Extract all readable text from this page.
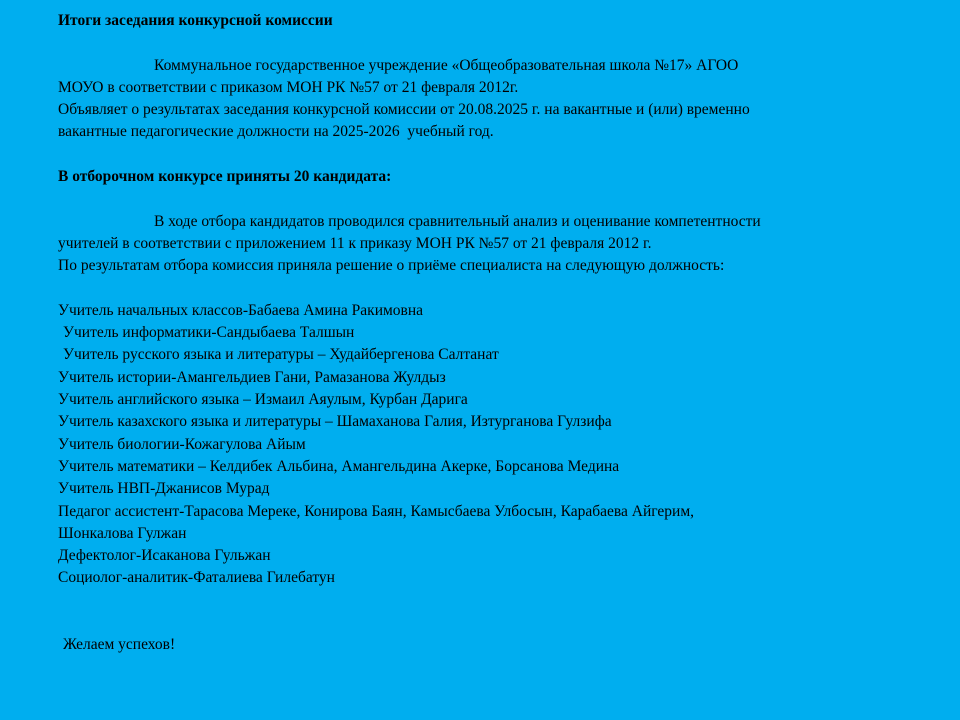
Итоги заседания конкурсной комиссии
Коммунальное государственное учреждение «Общеобразовательная школа №17» АГОО
МОУО в соответствии с приказом МОН РК №57 от 21 февраля 2012г.
Объявляет о результатах заседания конкурсной комиссии от 20.08.2025 г. на вакантные и (или) временно
вакантные педагогические должности на 2025-2026  учебный год.
В отборочном конкурсе приняты 20 кандидата:
В ходе отбора кандидатов проводился сравнительный анализ и оценивание компетентности
учителей в соответствии с приложением 11 к приказу МОН РК №57 от 21 февраля 2012 г.
По результатам отбора комиссия приняла решение о приёме специалиста на следующую должность:
Учитель начальных классов-Бабаева Амина Ракимовна
Учитель информатики-Сандыбаева Талшын
Учитель русского языка и литературы – Худайбергенова Салтанат
Учитель истории-Амангельдиев Гани, Рамазанова Жулдыз
Учитель английского языка – Измаил Аяулым, Курбан Дарига
Учитель казахского языка и литературы – Шамаханова Галия, Изтурганова Гулзифа
Учитель биологии-Кожагулова Айым
Учитель математики – Келдибек Альбина, Амангельдина Акерке, Борсанова Медина
Учитель НВП-Джанисов Мурад
Педагог ассистент-Тарасова Мереке, Конирова Баян, Камысбаева Улбосын, Карабаева Айгерим,
Шонкалова Гулжан
Дефектолог-Исаканова Гульжан
Социолог-аналитик-Фаталиева Гилебатун
Желаем успехов!
